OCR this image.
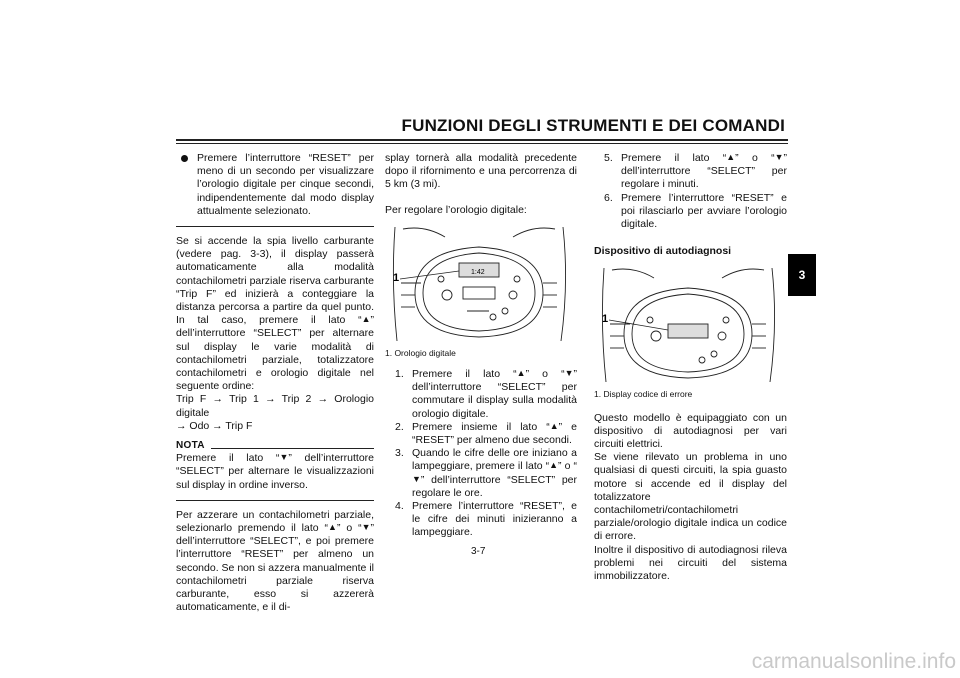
FUNZIONI DEGLI STRUMENTI E DEI COMANDI
3

Premere l’interruttore “RESET” per meno di un secondo per visualizzare l’orologio digitale per cinque secondi, indipendentemente dal modo display attualmente selezionato.

Se si accende la spia livello carburante (vedere pag. 3-3), il display passerà automaticamente alla modalità contachilometri parziale riserva carburante “Trip F” ed inizierà a conteggiare la distanza percorsa a partire da quel punto. In tal caso, premere il lato “▲” dell’interruttore “SELECT” per alternare sul display le varie modalità di contachilometri parziale, totalizzatore contachilometri e orologio digitale nel seguente ordine:
Trip F → Trip 1 → Trip 2 → Orologio digitale
→ Odo → Trip F

NOTA

Premere il lato “▼” dell’interruttore “SELECT” per alternare le visualizzazioni sul display in ordine inverso.

Per azzerare un contachilometri parziale, selezionarlo premendo il lato “▲” o “▼” dell’interruttore “SELECT”, e poi premere l’interruttore “RESET” per almeno un secondo. Se non si azzera manualmente il contachilometri parziale riserva carburante, esso si azzererà automaticamente, e il di-

splay tornerà alla modalità precedente dopo il rifornimento e una percorrenza di 5 km (3 mi).

Per regolare l’orologio digitale:

1:42
1
1. Orologio digitale
1. Premere il lato “▲” o “▼” dell’interruttore “SELECT” per commutare il display sulla modalità orologio digitale.
2. Premere insieme il lato “▲” e “RESET” per almeno due secondi.
3. Quando le cifre delle ore iniziano a lampeggiare, premere il lato “▲” o “▼” dell’interruttore “SELECT” per regolare le ore.
4. Premere l’interruttore “RESET”, e le cifre dei minuti inizieranno a lampeggiare.
5. Premere il lato “▲” o “▼” dell’interruttore “SELECT” per regolare i minuti.
6. Premere l’interruttore “RESET” e poi rilasciarlo per avviare l’orologio digitale.
Dispositivo di autodiagnosi
1
1. Display codice di errore

Questo modello è equipaggiato con un dispositivo di autodiagnosi per vari circuiti elettrici.
Se viene rilevato un problema in uno qualsiasi di questi circuiti, la spia guasto motore si accende ed il display del totalizzatore contachilometri/contachilometri parziale/orologio digitale indica un codice di errore.
Inoltre il dispositivo di autodiagnosi rileva problemi nei circuiti del sistema immobilizzatore.

3-7
carmanualsonline.info
